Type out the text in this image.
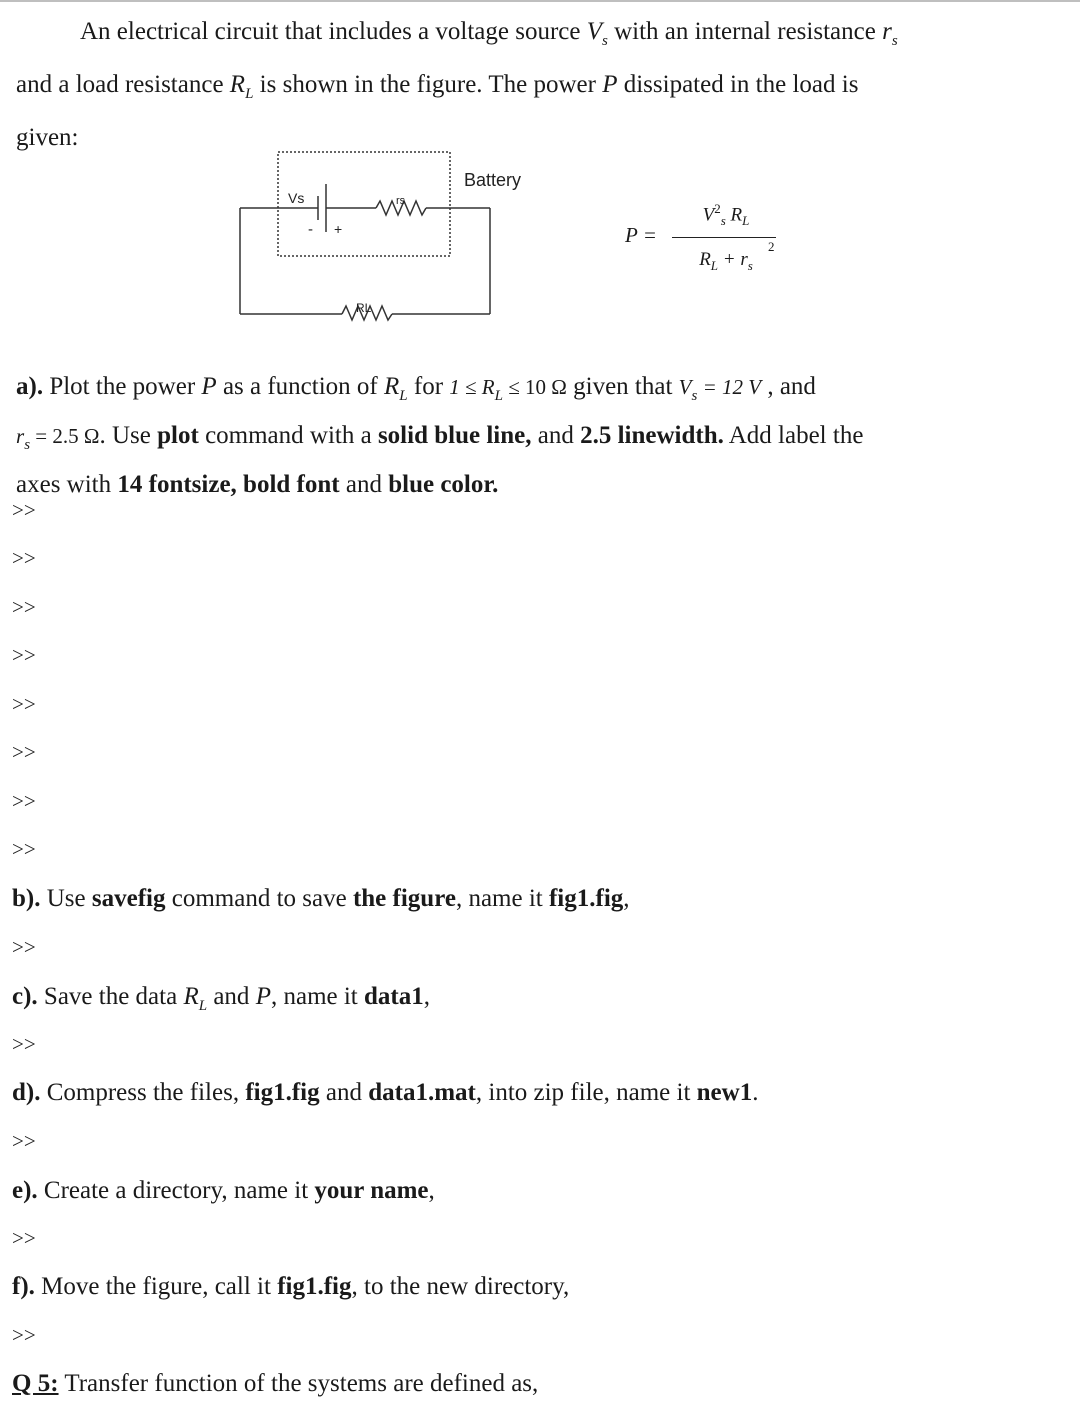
An electrical circuit that includes a voltage source $V_s$ with an internal resistance $r_s$
and a load resistance $R_L$ is shown in the figure. The power P dissipated in the load is
given:
Vs
- +
rs
RL
Battery
P =
$V^2_s$ $R_L$
$R_L + r_s$
2
a). Plot the power P as a function of $R_L$ for $1 \le R_L \le 10$ Ω given that $V_s = 12$ V , and
$r_s = 2.5$ Ω. Use plot command with a solid blue line, and 2.5 linewidth. Add label the
axes with 14 fontsize, bold font and blue color.
>>
>>
>>
>>
>>
>>
>>
>>
b). Use savefig command to save the figure, name it fig1.fig,
>>
c). Save the data $R_L$ and P, name it data1,
>>
d). Compress the files, fig1.fig and data1.mat, into zip file, name it new1.
>>
e). Create a directory, name it your name,
>>
f). Move the figure, call it fig1.fig, to the new directory,
>>
Q 5: Transfer function of the systems are defined as,
